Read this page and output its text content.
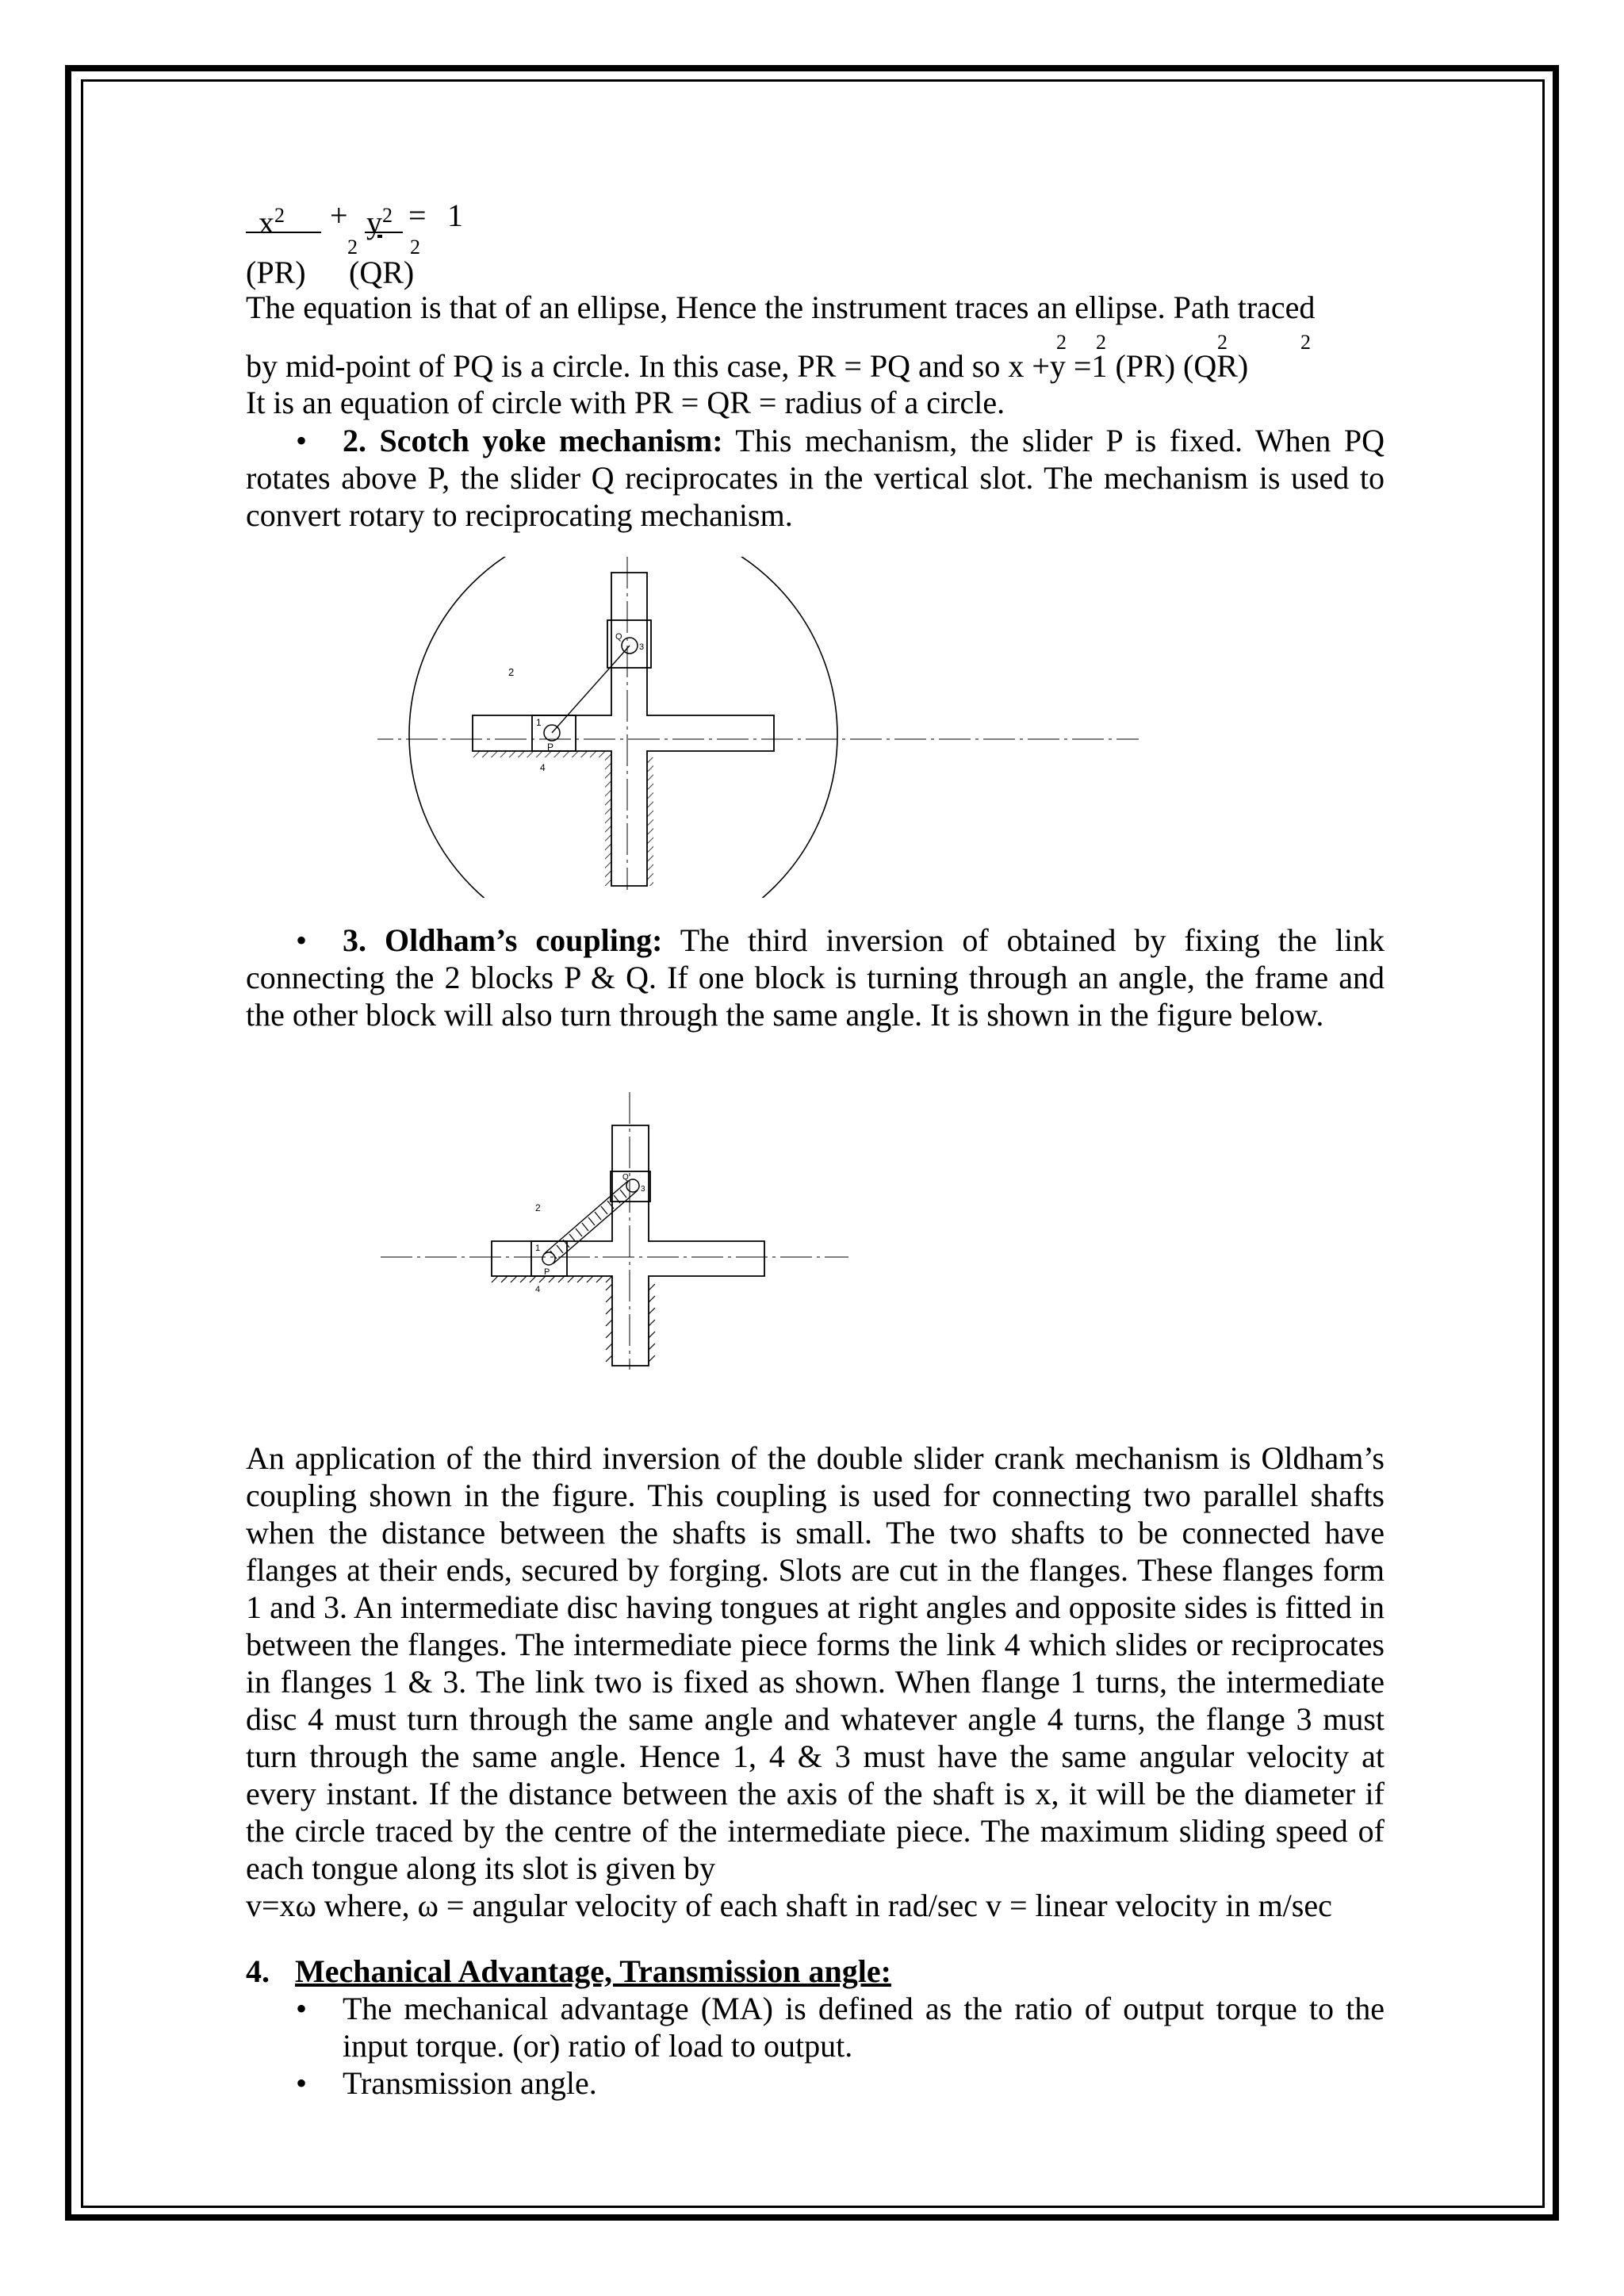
$x^2 + y^2 = 1$
2	2
(PR) (QR)
The equation is that of an ellipse, Hence the instrument traces an ellipse. Path traced
2 2	2	2
by mid-point of PQ is a circle. In this case, PR = PQ and so x +y =1 (PR) (QR)
It is an equation of circle with PR = QR = radius of a circle.
• 2. Scotch yoke mechanism: This mechanism, the slider P is fixed. When PQ

rotates above P, the slider Q reciprocates in the vertical slot. The mechanism is used to convert rotary to reciprocating mechanism.

2
1
P
4
Q
3
• 3. Oldham’s coupling: The third inversion of obtained by fixing the link

connecting the 2 blocks P & Q. If one block is turning through an angle, the frame and the other block will also turn through the same angle. It is shown in the figure below.

2
1
P
4
Q
3

An application of the third inversion of the double slider crank mechanism is Oldham’s coupling shown in the figure. This coupling is used for connecting two parallel shafts when the distance between the shafts is small. The two shafts to be connected have flanges at their ends, secured by forging. Slots are cut in the flanges. These flanges form 1 and 3. An intermediate disc having tongues at right angles and opposite sides is fitted in between the flanges. The intermediate piece forms the link 4 which slides or reciprocates in flanges 1 & 3. The link two is fixed as shown. When flange 1 turns, the intermediate disc 4 must turn through the same angle and whatever angle 4 turns, the flange 3 must turn through the same angle. Hence 1, 4 & 3 must have the same angular velocity at every instant. If the distance between the axis of the shaft is x, it will be the diameter if the circle traced by the centre of the intermediate piece. The maximum sliding speed of each tongue along its slot is given by

v=xω where, ω = angular velocity of each shaft in rad/sec v = linear velocity in m/sec
4. Mechanical Advantage, Transmission angle:
• The mechanical advantage (MA) is defined as the ratio of output torque to the input torque. (or) ratio of load to output.

• Transmission angle.
